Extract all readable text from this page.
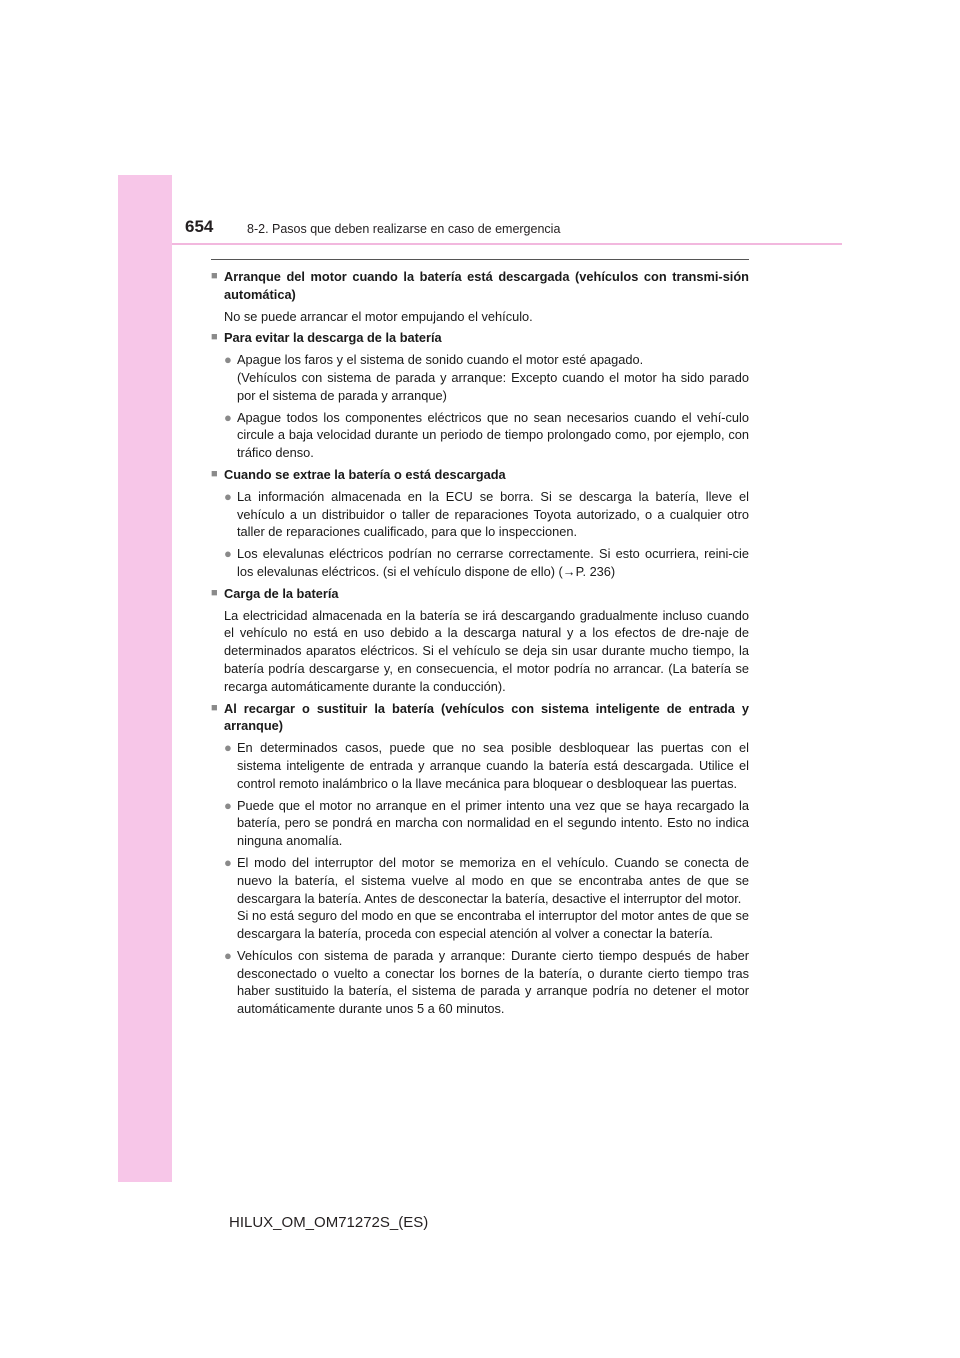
654	8-2. Pasos que deben realizarse en caso de emergencia
■ Arranque del motor cuando la batería está descargada (vehículos con transmi-sión automática)

No se puede arrancar el motor empujando el vehículo.

■ Para evitar la descarga de la batería
● Apague los faros y el sistema de sonido cuando el motor esté apagado.
(Vehículos con sistema de parada y arranque: Excepto cuando el motor ha sido parado por el sistema de parada y arranque)
● Apague todos los componentes eléctricos que no sean necesarios cuando el vehí-culo circule a baja velocidad durante un periodo de tiempo prolongado como, por ejemplo, con tráfico denso.
■ Cuando se extrae la batería o está descargada
● La información almacenada en la ECU se borra. Si se descarga la batería, lleve el vehículo a un distribuidor o taller de reparaciones Toyota autorizado, o a cualquier otro taller de reparaciones cualificado, para que lo inspeccionen.
● Los elevalunas eléctricos podrían no cerrarse correctamente. Si esto ocurriera, reini-cie los elevalunas eléctricos. (si el vehículo dispone de ello) (→P. 236)
■ Carga de la batería

La electricidad almacenada en la batería se irá descargando gradualmente incluso cuando el vehículo no está en uso debido a la descarga natural y a los efectos de dre-naje de determinados aparatos eléctricos. Si el vehículo se deja sin usar durante mucho tiempo, la batería podría descargarse y, en consecuencia, el motor podría no arrancar. (La batería se recarga automáticamente durante la conducción).

■ Al recargar o sustituir la batería (vehículos con sistema inteligente de entrada y arranque)
● En determinados casos, puede que no sea posible desbloquear las puertas con el sistema inteligente de entrada y arranque cuando la batería está descargada. Utilice el control remoto inalámbrico o la llave mecánica para bloquear o desbloquear las puertas.
● Puede que el motor no arranque en el primer intento una vez que se haya recargado la batería, pero se pondrá en marcha con normalidad en el segundo intento. Esto no indica ninguna anomalía.
● El modo del interruptor del motor se memoriza en el vehículo. Cuando se conecta de nuevo la batería, el sistema vuelve al modo en que se encontraba antes de que se descargara la batería. Antes de desconectar la batería, desactive el interruptor del motor.
Si no está seguro del modo en que se encontraba el interruptor del motor antes de que se descargara la batería, proceda con especial atención al volver a conectar la batería.
● Vehículos con sistema de parada y arranque: Durante cierto tiempo después de haber desconectado o vuelto a conectar los bornes de la batería, o durante cierto tiempo tras haber sustituido la batería, el sistema de parada y arranque podría no detener el motor automáticamente durante unos 5 a 60 minutos.
HILUX_OM_OM71272S_(ES)
